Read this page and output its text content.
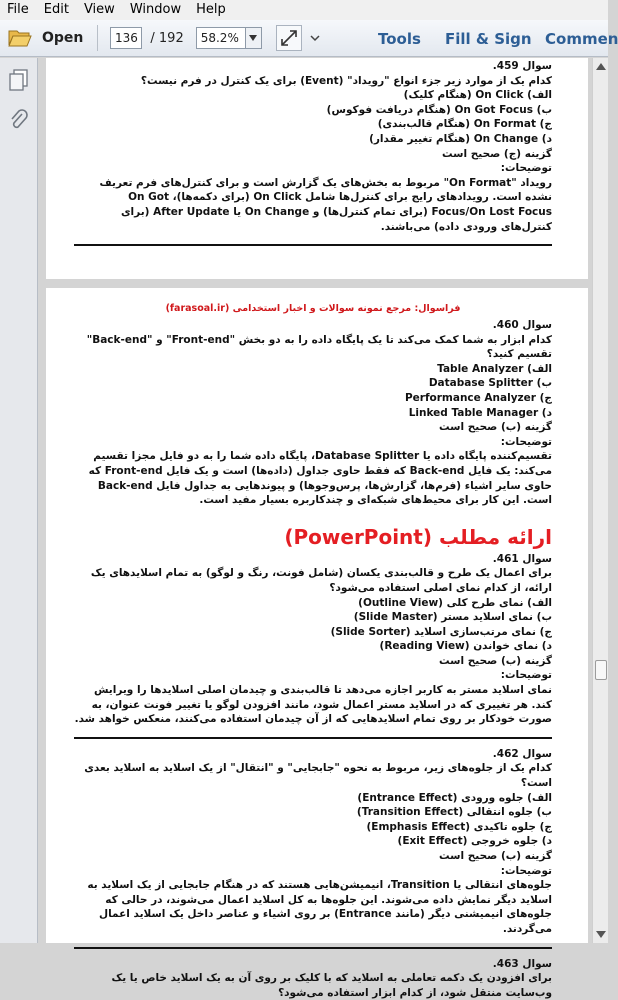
File	Edit	View	Window	Help
Open	136 / 192	58.2%	Tools Fill & Sign Commen
سوال 459.
کدام یک از موارد زیر جزء انواع "رویداد" (Event) برای یک کنترل در فرم نیست؟
الف) On Click (هنگام کلیک)
ب) On Got Focus (هنگام دریافت فوکوس)
ج) On Format (هنگام قالب‌بندی)
د) On Change (هنگام تغییر مقدار)
گزینه (ج) صحیح است
توضیحات:
رویداد "On Format" مربوط به بخش‌های یک گزارش است و برای کنترل‌های فرم تعریف نشده است. رویدادهای رایج برای کنترل‌ها شامل On Click (برای دکمه‌ها)، On Got Focus/On Lost Focus (برای تمام کنترل‌ها) و On Change یا After Update (برای کنترل‌های ورودی داده) می‌باشند.
فراسوال: مرجع نمونه سوالات و اخبار استخدامی (farasoal.ir)
سوال 460.
کدام ابزار به شما کمک می‌کند تا یک پایگاه داده را به دو بخش "Front-end" و "Back-end" تقسیم کنید؟
الف) Table Analyzer
ب) Database Splitter
ج) Performance Analyzer
د) Linked Table Manager
گزینه (ب) صحیح است
توضیحات:
تقسیم‌کننده پایگاه داده یا Database Splitter، پایگاه داده شما را به دو فایل مجزا تقسیم می‌کند: یک فایل Back-end که فقط حاوی جداول (داده‌ها) است و یک فایل Front-end که حاوی سایر اشیاء (فرم‌ها، گزارش‌ها، پرس‌وجوها) و پیوندهایی به جداول فایل Back-end است. این کار برای محیط‌های شبکه‌ای و چندکاربره بسیار مفید است.
ارائه مطلب (PowerPoint)
سوال 461.
برای اعمال یک طرح و قالب‌بندی یکسان (شامل فونت، رنگ و لوگو) به تمام اسلایدهای یک ارائه، از کدام نمای اصلی استفاده می‌شود؟
الف) نمای طرح کلی (Outline View)
ب) نمای اسلاید مستر (Slide Master)
ج) نمای مرتب‌سازی اسلاید (Slide Sorter)
د) نمای خواندن (Reading View)
گزینه (ب) صحیح است
توضیحات:
نمای اسلاید مستر به کاربر اجازه می‌دهد تا قالب‌بندی و چیدمان اصلی اسلایدها را ویرایش کند. هر تغییری که در اسلاید مستر اعمال شود، مانند افزودن لوگو یا تغییر فونت عنوان، به صورت خودکار بر روی تمام اسلایدهایی که از آن چیدمان استفاده می‌کنند، منعکس خواهد شد.
سوال 462.
کدام یک از جلوه‌های زیر، مربوط به نحوه "جابجایی" و "انتقال" از یک اسلاید به اسلاید بعدی است؟
الف) جلوه ورودی (Entrance Effect)
ب) جلوه انتقالی (Transition Effect)
ج) جلوه تاکیدی (Emphasis Effect)
د) جلوه خروجی (Exit Effect)
گزینه (ب) صحیح است
توضیحات:
جلوه‌های انتقالی یا Transition، انیمیشن‌هایی هستند که در هنگام جابجایی از یک اسلاید به اسلاید دیگر نمایش داده می‌شوند. این جلوه‌ها به کل اسلاید اعمال می‌شوند، در حالی که جلوه‌های انیمیشنی دیگر (مانند Entrance) بر روی اشیاء و عناصر داخل یک اسلاید اعمال می‌گردند.
سوال 463.
برای افزودن یک دکمه تعاملی به اسلاید که با کلیک بر روی آن به یک اسلاید خاص یا یک وب‌سایت منتقل شود، از کدام ابزار استفاده می‌شود؟
